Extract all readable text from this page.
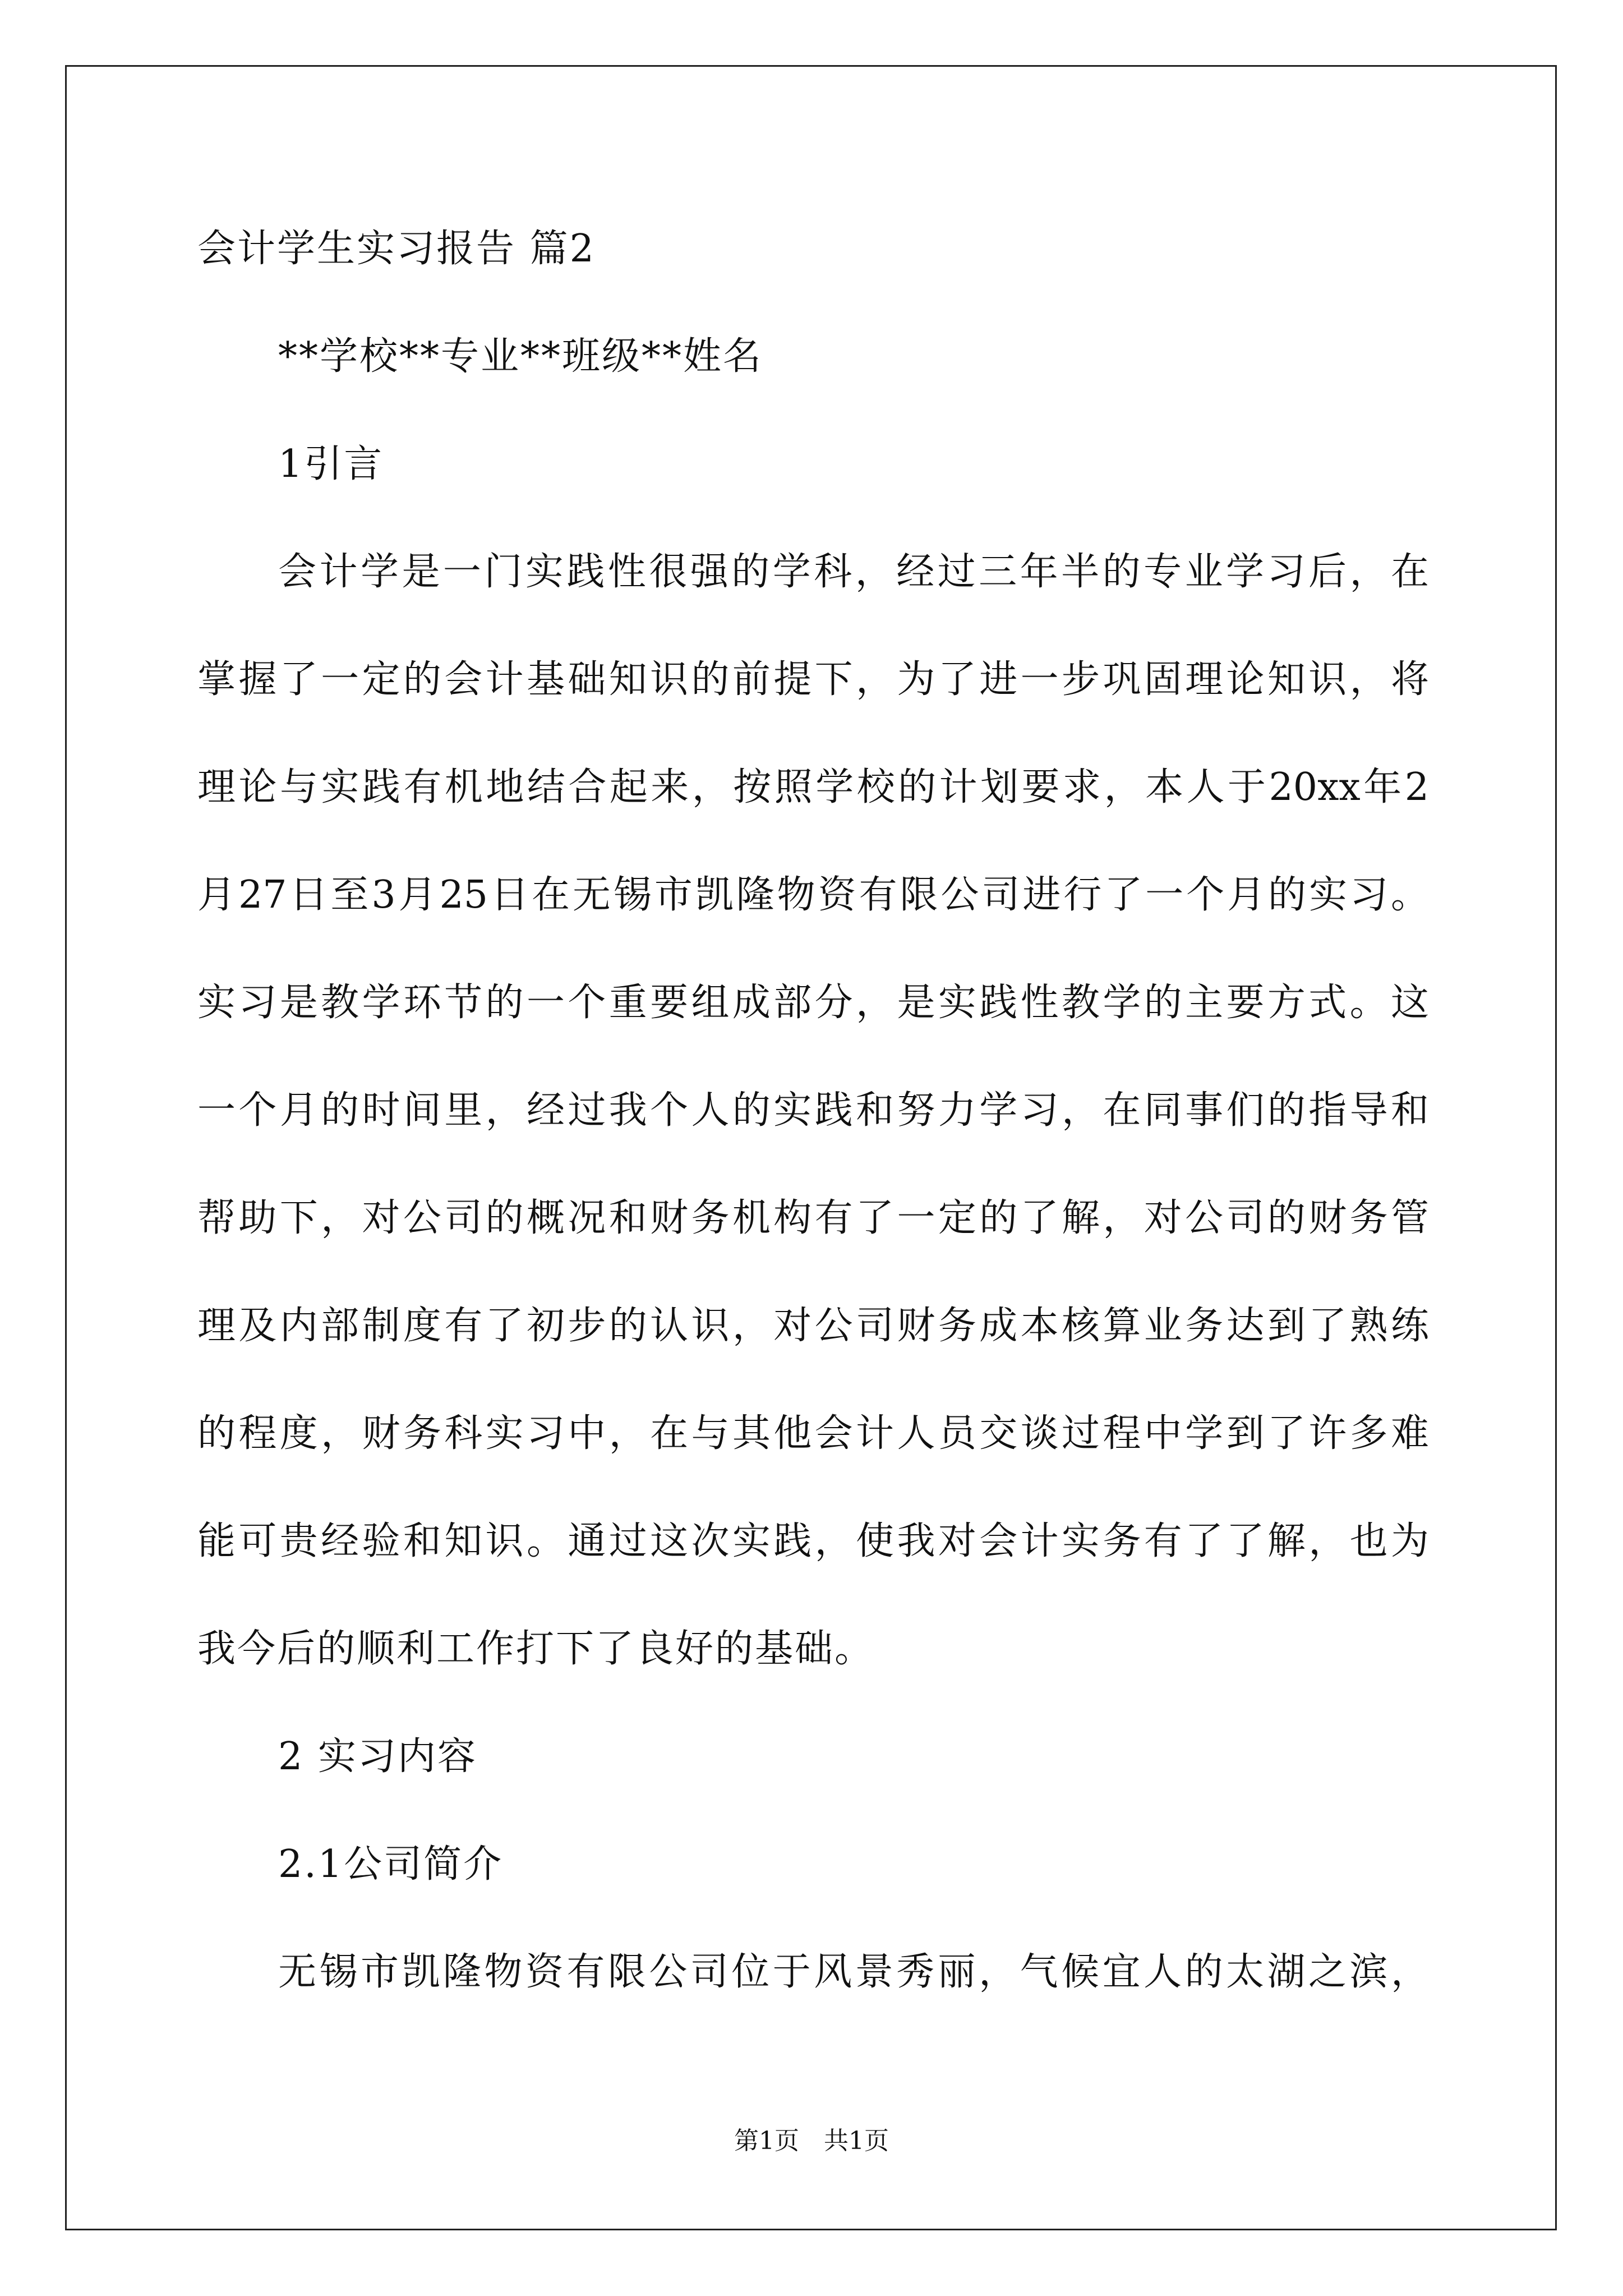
会计学生实习报告 篇2
**学校**专业**班级**姓名
1引言
会计学是一门实践性很强的学科，经过三年半的专业学习后，在
掌握了一定的会计基础知识的前提下，为了进一步巩固理论知识，将
理论与实践有机地结合起来，按照学校的计划要求，本人于20xx年2
月27日至3月25日在无锡市凯隆物资有限公司进行了一个月的实习。
实习是教学环节的一个重要组成部分，是实践性教学的主要方式。这
一个月的时间里，经过我个人的实践和努力学习，在同事们的指导和
帮助下，对公司的概况和财务机构有了一定的了解，对公司的财务管
理及内部制度有了初步的认识，对公司财务成本核算业务达到了熟练
的程度，财务科实习中，在与其他会计人员交谈过程中学到了许多难
能可贵经验和知识。通过这次实践，使我对会计实务有了了解，也为
我今后的顺利工作打下了良好的基础。
2 实习内容
2.1公司简介
无锡市凯隆物资有限公司位于风景秀丽，气候宜人的太湖之滨，
第1页　共1页
